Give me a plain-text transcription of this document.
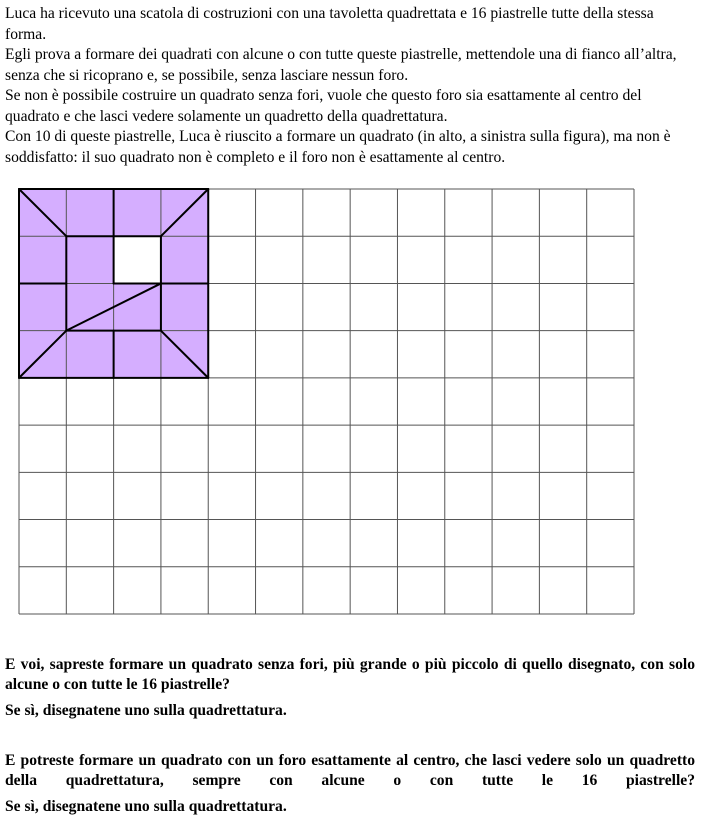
Luca ha ricevuto una scatola di costruzioni con una tavoletta quadrettata e 16 piastrelle tutte della stessa forma.

Egli prova a formare dei quadrati con alcune o con tutte queste piastrelle, mettendole una di fianco all’altra, senza che si ricoprano e, se possibile, senza lasciare nessun foro.

Se non è possibile costruire un quadrato senza fori, vuole che questo foro sia esattamente al centro del quadrato e che lasci vedere solamente un quadretto della quadrettatura.

Con 10 di queste piastrelle, Luca è riuscito a formare un quadrato (in alto, a sinistra sulla figura), ma non è soddisfatto: il suo quadrato non è completo e il foro non è esattamente al centro.

E voi, sapreste formare un quadrato senza fori, più grande o più piccolo di quello disegnato, con solo alcune o con tutte le 16 piastrelle?

Se sì, disegnatene uno sulla quadrettatura.

E potreste formare un quadrato con un foro esattamente al centro, che lasci vedere solo un quadretto della quadrettatura, sempre con alcune o con tutte le 16 piastrelle?

Se sì, disegnatene uno sulla quadrettatura.
